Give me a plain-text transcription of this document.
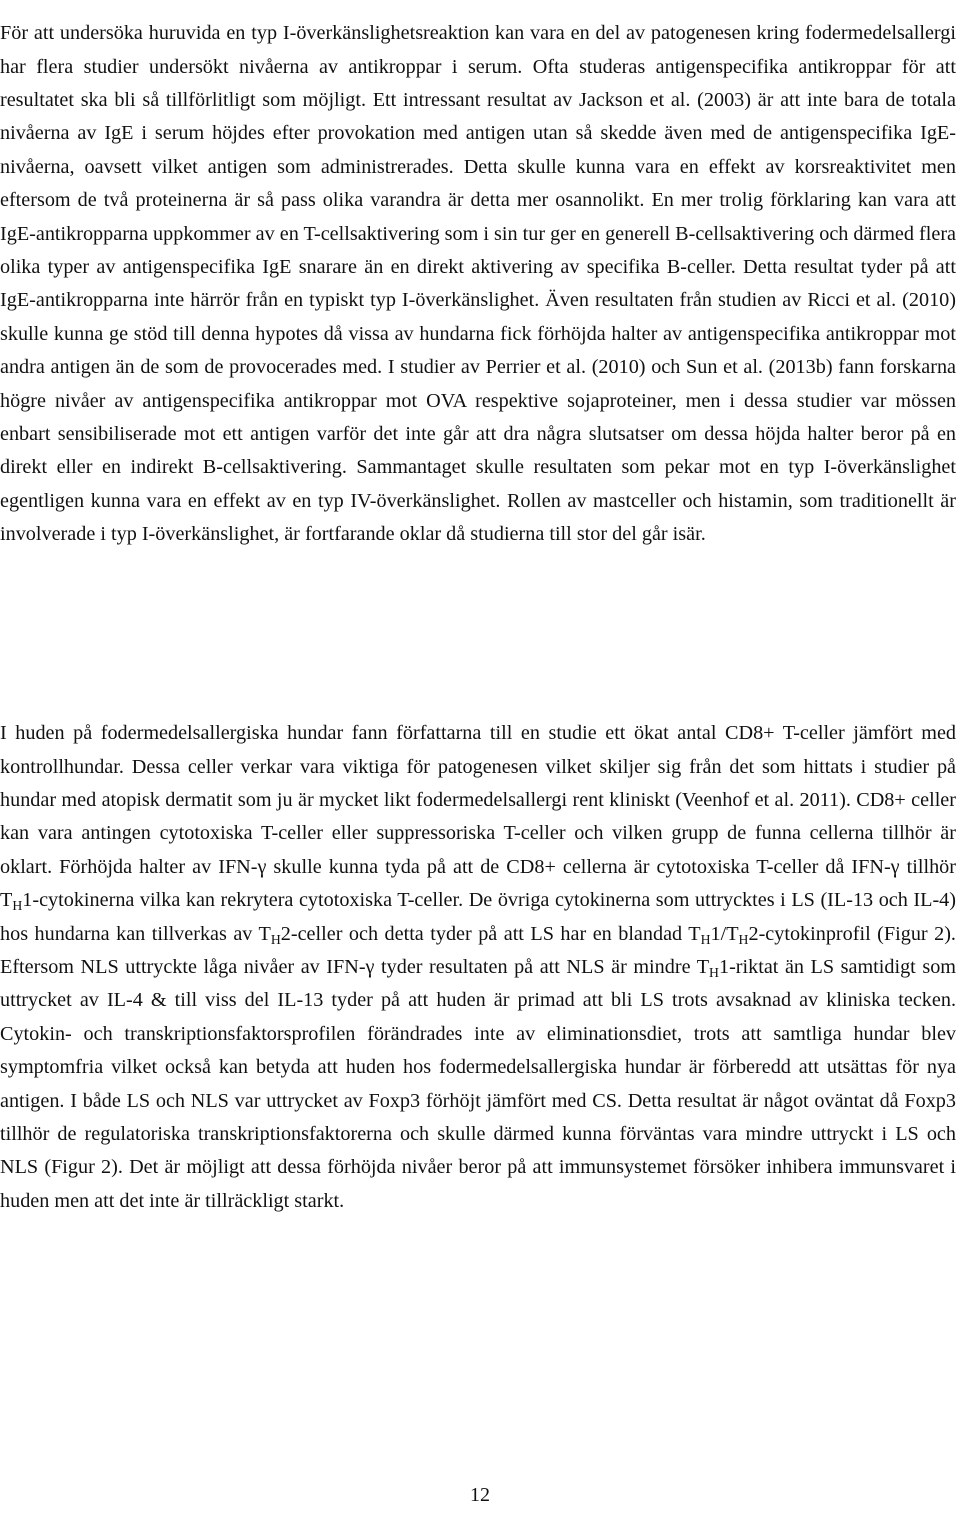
För att undersöka huruvida en typ I-överkänslighetsreaktion kan vara en del av patogenesen kring fodermedelsallergi har flera studier undersökt nivåerna av antikroppar i serum. Ofta studeras antigenspecifika antikroppar för att resultatet ska bli så tillförlitligt som möjligt. Ett intressant resultat av Jackson et al. (2003) är att inte bara de totala nivåerna av IgE i serum höjdes efter provokation med antigen utan så skedde även med de antigenspecifika IgE-nivåerna, oavsett vilket antigen som administrerades. Detta skulle kunna vara en effekt av korsreaktivitet men eftersom de två proteinerna är så pass olika varandra är detta mer osannolikt. En mer trolig förklaring kan vara att IgE-antikropparna uppkommer av en T-cellsaktivering som i sin tur ger en generell B-cellsaktivering och därmed flera olika typer av antigenspecifika IgE snarare än en direkt aktivering av specifika B-celler. Detta resultat tyder på att IgE-antikropparna inte härrör från en typiskt typ I-överkänslighet. Även resultaten från studien av Ricci et al. (2010) skulle kunna ge stöd till denna hypotes då vissa av hundarna fick förhöjda halter av antigenspecifika antikroppar mot andra antigen än de som de provocerades med. I studier av Perrier et al. (2010) och Sun et al. (2013b) fann forskarna högre nivåer av antigenspecifika antikroppar mot OVA respektive sojaproteiner, men i dessa studier var mössen enbart sensibiliserade mot ett antigen varför det inte går att dra några slutsatser om dessa höjda halter beror på en direkt eller en indirekt B-cellsaktivering. Sammantaget skulle resultaten som pekar mot en typ I-överkänslighet egentligen kunna vara en effekt av en typ IV-överkänslighet. Rollen av mastceller och histamin, som traditionellt är involverade i typ I-överkänslighet, är fortfarande oklar då studierna till stor del går isär.

I huden på fodermedelsallergiska hundar fann författarna till en studie ett ökat antal CD8+ T-celler jämfört med kontrollhundar. Dessa celler verkar vara viktiga för patogenesen vilket skiljer sig från det som hittats i studier på hundar med atopisk dermatit som ju är mycket likt fodermedelsallergi rent kliniskt (Veenhof et al. 2011). CD8+ celler kan vara antingen cytotoxiska T-celler eller suppressoriska T-celler och vilken grupp de funna cellerna tillhör är oklart. Förhöjda halter av IFN-γ skulle kunna tyda på att de CD8+ cellerna är cytotoxiska T-celler då IFN-γ tillhör $T_H1$-cytokinerna vilka kan rekrytera cytotoxiska T-celler. De övriga cytokinerna som uttrycktes i LS (IL-13 och IL-4) hos hundarna kan tillverkas av $T_H2$-celler och detta tyder på att LS har en blandad $T_H1/T_H2$-cytokinprofil (Figur 2). Eftersom NLS uttryckte låga nivåer av IFN-γ tyder resultaten på att NLS är mindre $T_H1$-riktat än LS samtidigt som uttrycket av IL-4 & till viss del IL-13 tyder på att huden är primad att bli LS trots avsaknad av kliniska tecken. Cytokin- och transkriptionsfaktorsprofilen förändrades inte av eliminationsdiet, trots att samtliga hundar blev symptomfria vilket också kan betyda att huden hos fodermedelsallergiska hundar är förberedd att utsättas för nya antigen. I både LS och NLS var uttrycket av Foxp3 förhöjt jämfört med CS. Detta resultat är något oväntat då Foxp3 tillhör de regulatoriska transkriptionsfaktorerna och skulle därmed kunna förväntas vara mindre uttryckt i LS och NLS (Figur 2). Det är möjligt att dessa förhöjda nivåer beror på att immunsystemet försöker inhibera immunsvaret i huden men att det inte är tillräckligt starkt.

12
